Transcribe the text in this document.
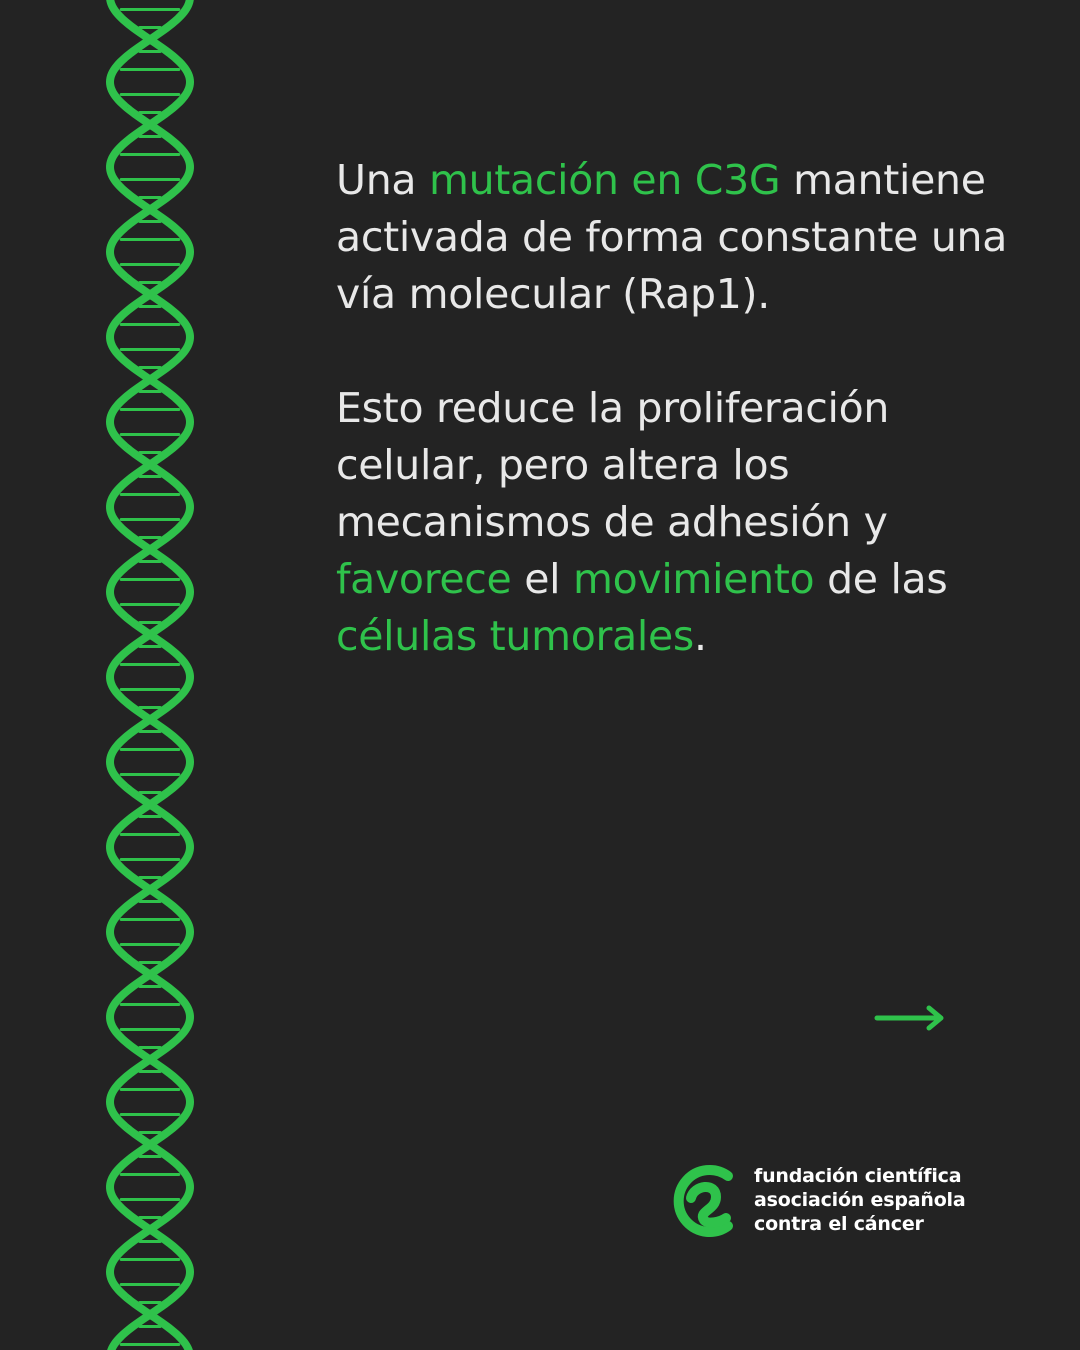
Una mutación en C3G mantiene activada de forma constante una vía molecular (Rap1).

Esto reduce la proliferación celular, pero altera los mecanismos de adhesión y favorece el movimiento de las células tumorales.

fundación científica
asociación española
contra el cáncer
